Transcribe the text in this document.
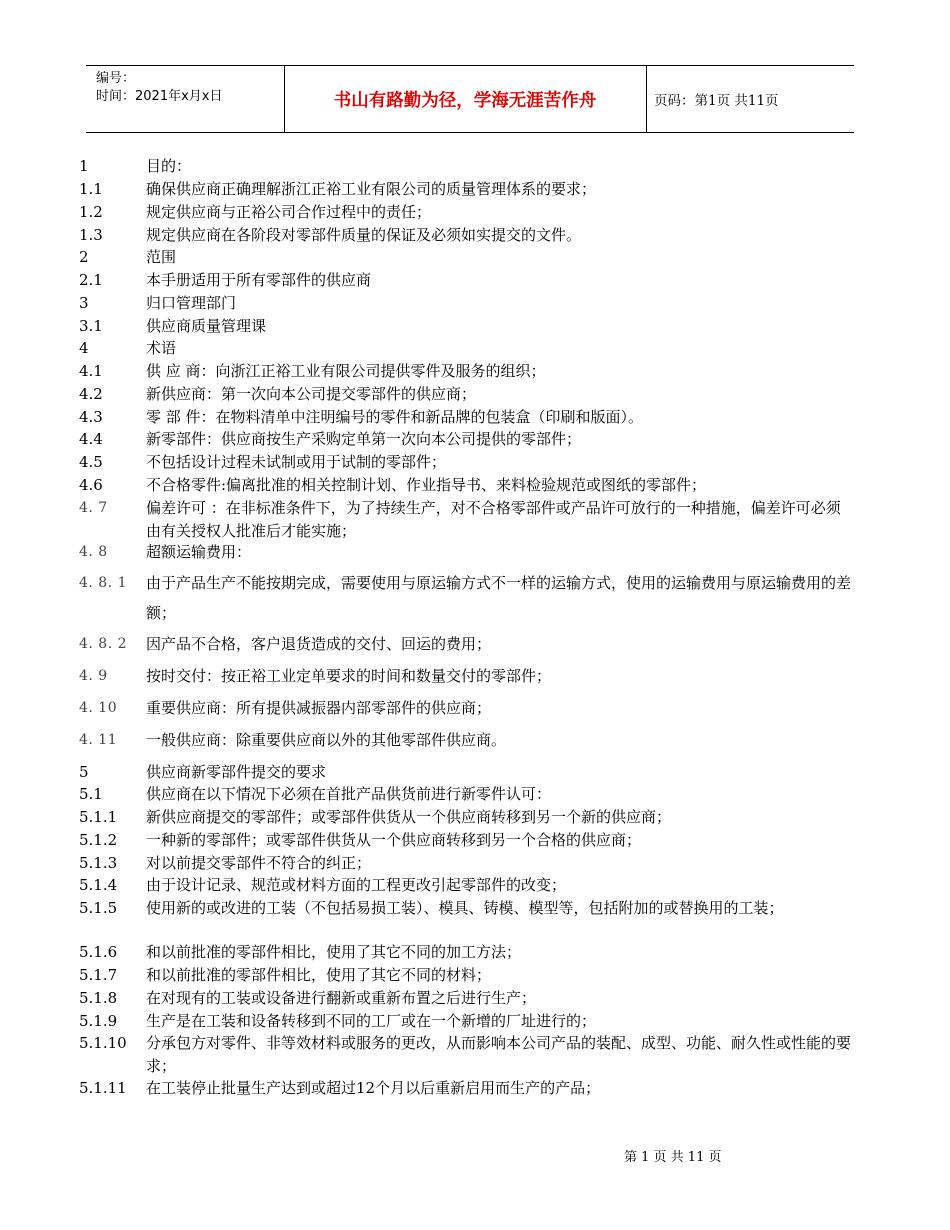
编号：
时间：2021年x月x日	书山有路勤为径，学海无涯苦作舟	页码：第1页 共11页
1	目的：
1.1	确保供应商正确理解浙江正裕工业有限公司的质量管理体系的要求；
1.2	规定供应商与正裕公司合作过程中的责任；
1.3	规定供应商在各阶段对零部件质量的保证及必须如实提交的文件。
2	范围
2.1	本手册适用于所有零部件的供应商
3	归口管理部门
3.1	供应商质量管理课
4	术语
4.1	供 应 商：向浙江正裕工业有限公司提供零件及服务的组织；
4.2	新供应商：第一次向本公司提交零部件的供应商；
4.3	零 部 件：在物料清单中注明编号的零件和新品牌的包装盒（印刷和版面）。
4.4	新零部件：供应商按生产采购定单第一次向本公司提供的零部件；
4.5	不包括设计过程未试制或用于试制的零部件；
4.6	不合格零件:偏离批准的相关控制计划、作业指导书、来料检验规范或图纸的零部件；
4. 7	偏差许可 ：在非标准条件下，为了持续生产，对不合格零部件或产品许可放行的一种措施，偏差许可必须由有关授权人批准后才能实施；
4. 8	超额运输费用：
4. 8. 1 由于产品生产不能按期完成，需要使用与原运输方式不一样的运输方式，使用的运输费用与原运输费用的差额；
4. 8. 2 因产品不合格，客户退货造成的交付、回运的费用；
4. 9	按时交付：按正裕工业定单要求的时间和数量交付的零部件；
4. 10 重要供应商：所有提供减振器内部零部件的供应商；
4. 11 一般供应商：除重要供应商以外的其他零部件供应商。
5	供应商新零部件提交的要求
5.1	供应商在以下情况下必须在首批产品供货前进行新零件认可：
5.1.1 新供应商提交的零部件；或零部件供货从一个供应商转移到另一个新的供应商；
5.1.2 一种新的零部件；或零部件供货从一个供应商转移到另一个合格的供应商；
5.1.3 对以前提交零部件不符合的纠正；
5.1.4 由于设计记录、规范或材料方面的工程更改引起零部件的改变；
5.1.5 使用新的或改进的工装（不包括易损工装）、模具、铸模、模型等，包括附加的或替换用的工装；
5.1.6 和以前批准的零部件相比，使用了其它不同的加工方法；
5.1.7 和以前批准的零部件相比，使用了其它不同的材料；
5.1.8 在对现有的工装或设备进行翻新或重新布置之后进行生产；
5.1.9 生产是在工装和设备转移到不同的工厂或在一个新增的厂址进行的；
5.1.10 分承包方对零件、非等效材料或服务的更改，从而影响本公司产品的装配、成型、功能、耐久性或性能的要求；
5.1.11 在工装停止批量生产达到或超过12个月以后重新启用而生产的产品；
第 1 页 共 11 页
